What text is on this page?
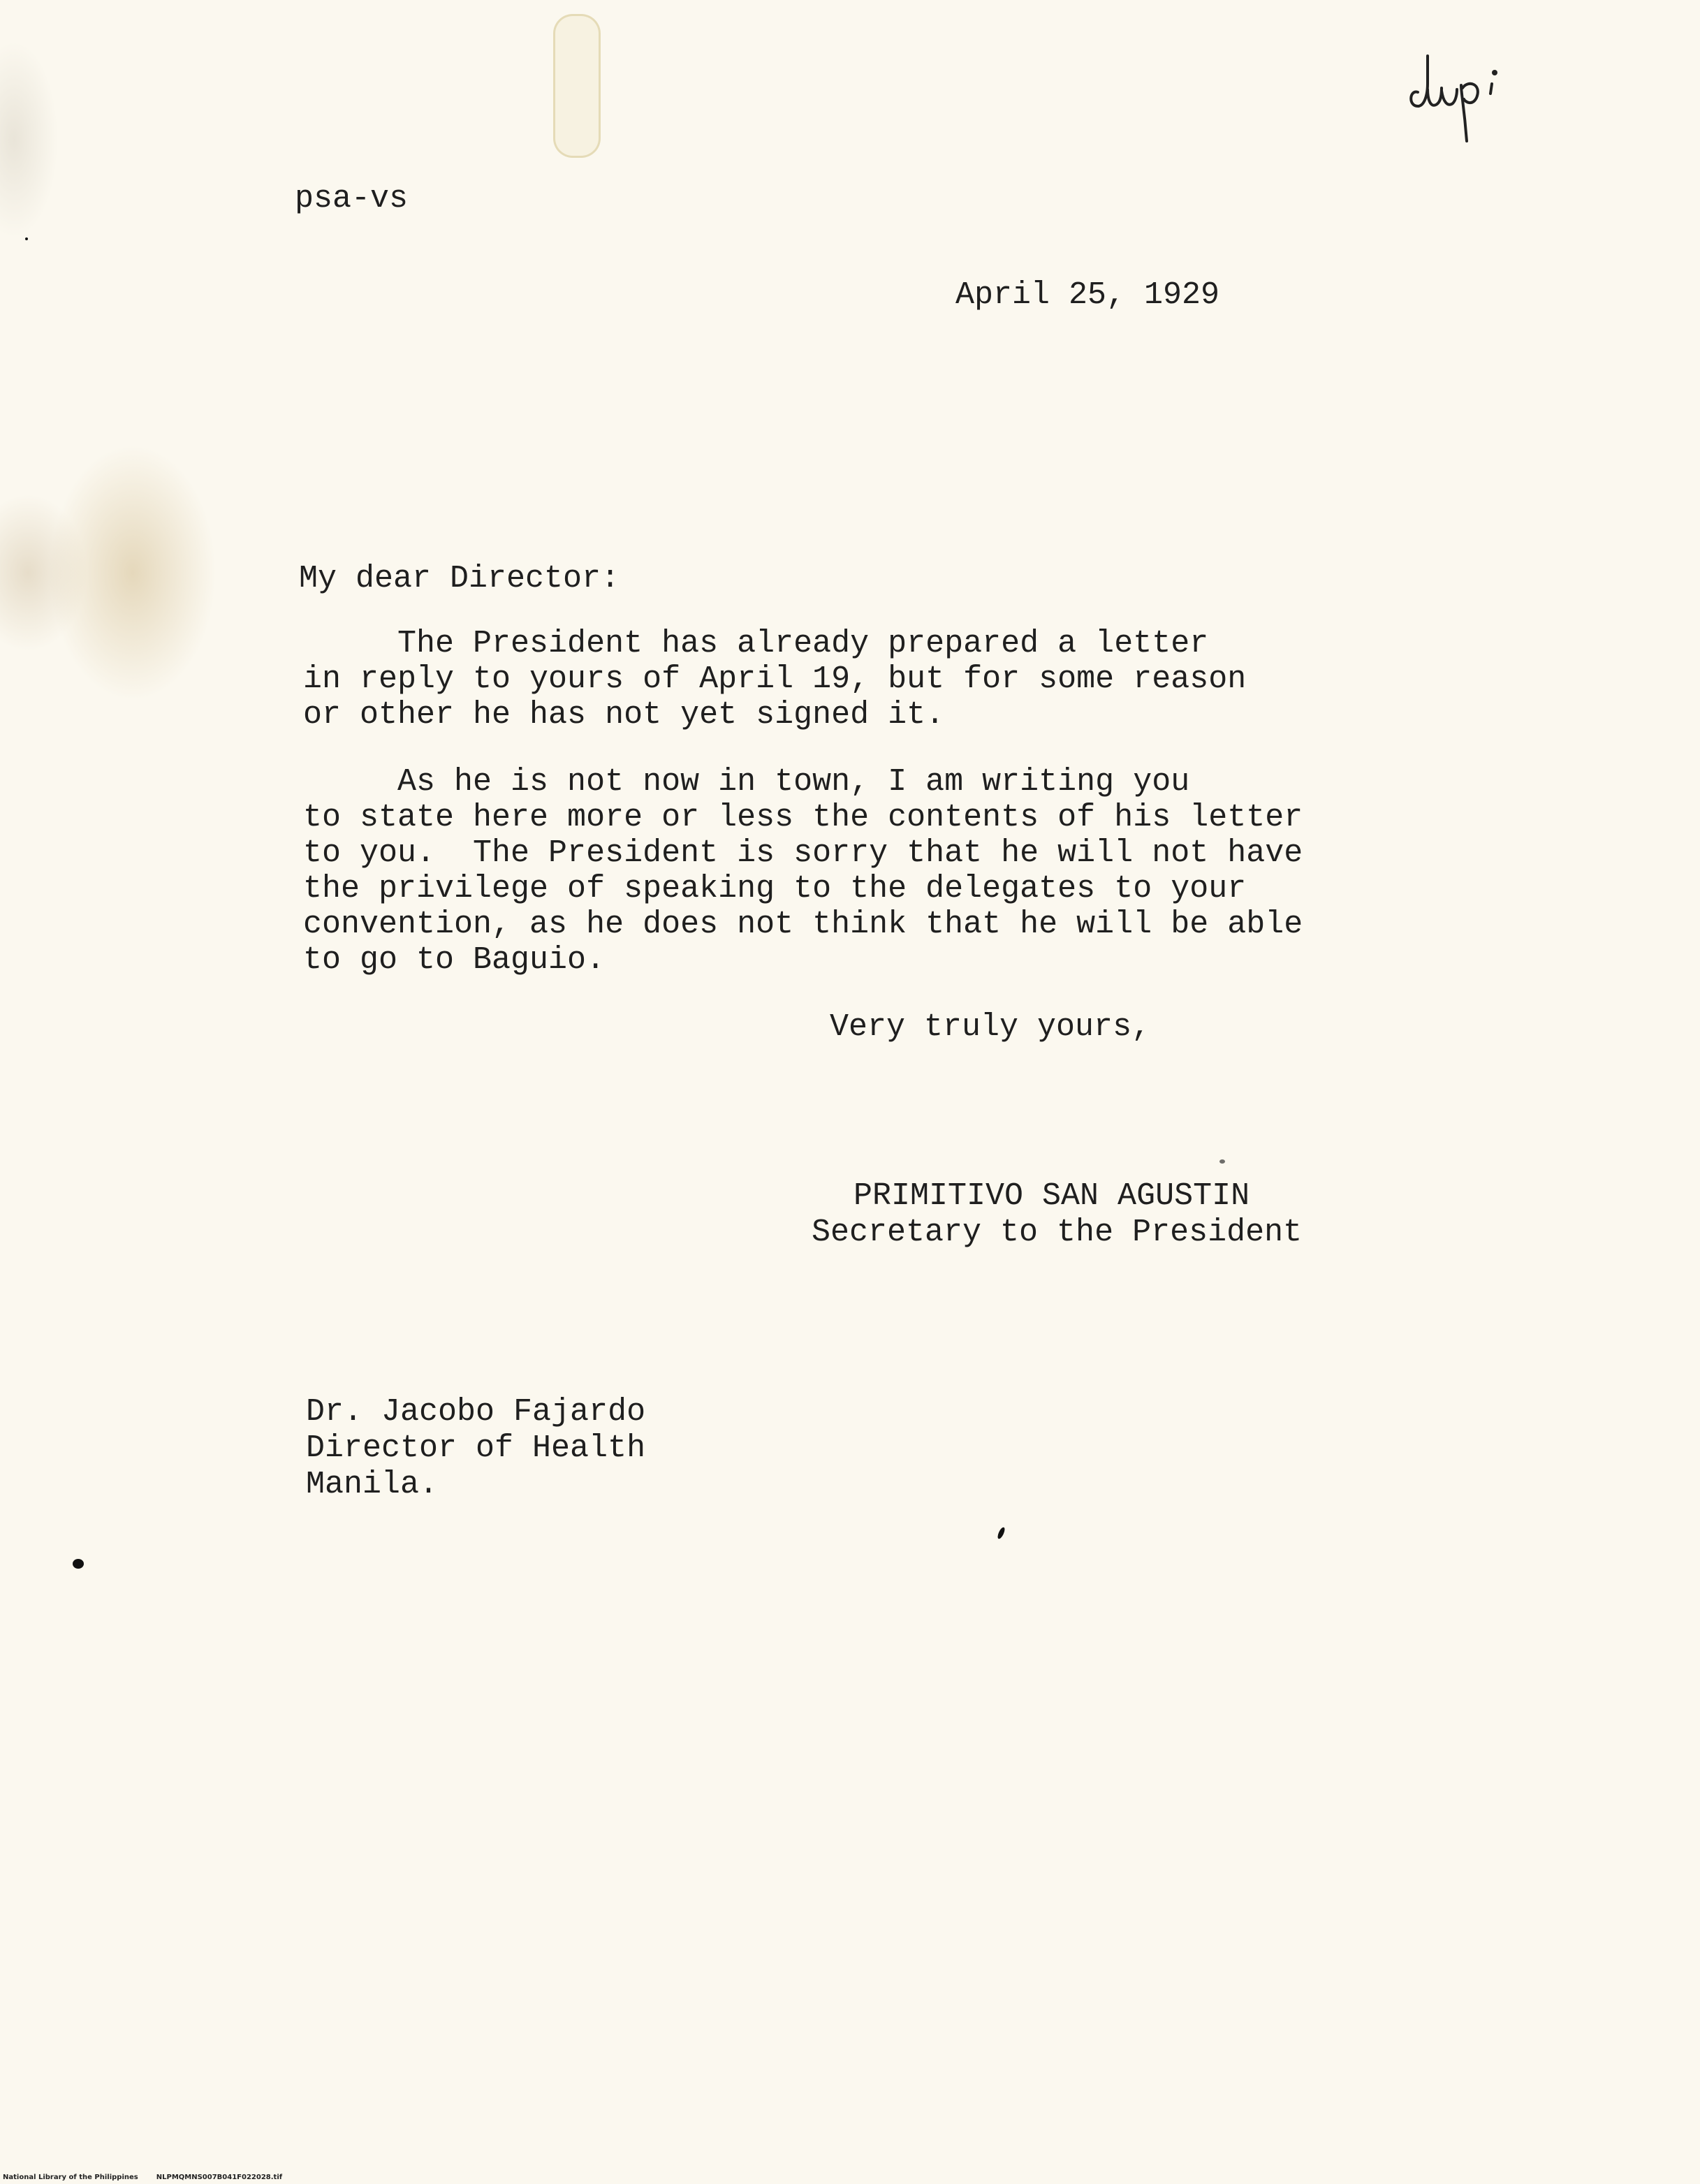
psa-vs
April 25, 1929
My dear Director:

The President has already prepared a letter
in reply to yours of April 19, but for some reason
or other he has not yet signed it.

As he is not now in town, I am writing you
to state here more or less the contents of his letter
to you.  The President is sorry that he will not have
the privilege of speaking to the delegates to your
convention, as he does not think that he will be able
to go to Baguio.

Very truly yours,
PRIMITIVO SAN AGUSTIN
Secretary to the President
Dr. Jacobo Fajardo
Director of Health
Manila.
National Library of the Philippines	NLPMQMNS007B041F022028.tif
